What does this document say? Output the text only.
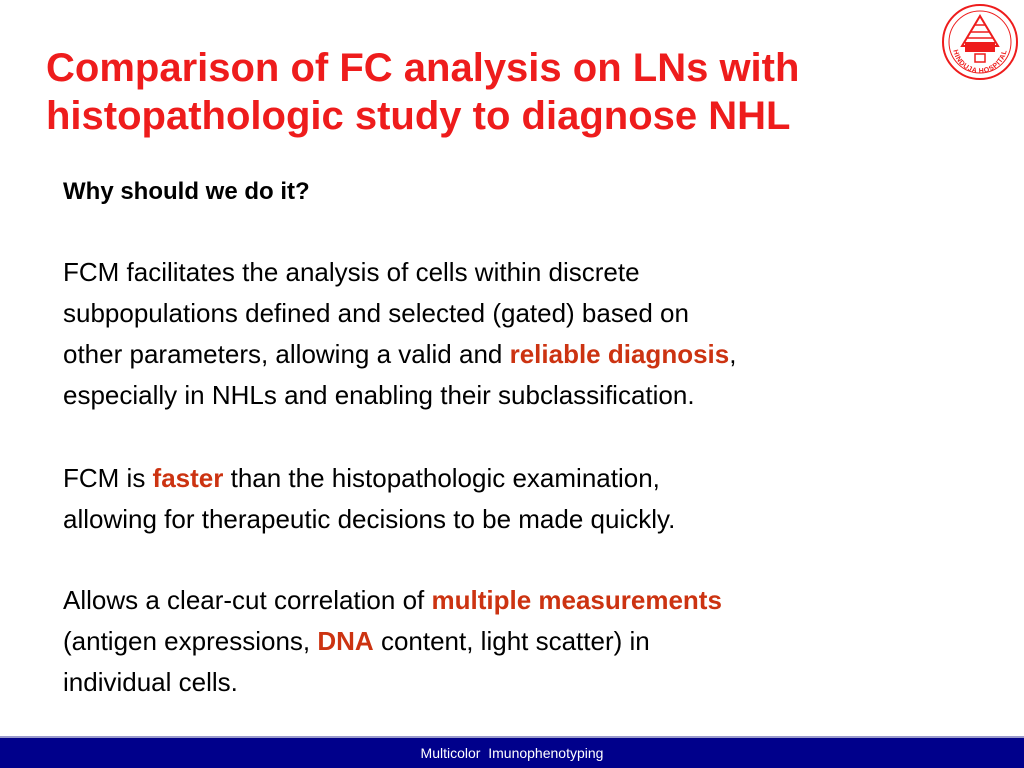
Comparison of FC analysis on LNs with
histopathologic study to diagnose NHL
HINDUJA HOSPITAL

Why should we do it?

FCM facilitates the analysis of cells within discrete
subpopulations defined and selected (gated) based on
other parameters, allowing a valid and reliable diagnosis,
especially in NHLs and enabling their subclassification.
FCM is faster than the histopathologic examination,
allowing for therapeutic decisions to be made quickly.
Allows a clear-cut correlation of multiple measurements
(antigen expressions, DNA content, light scatter) in
individual cells.
Multicolor  Imunophenotyping
